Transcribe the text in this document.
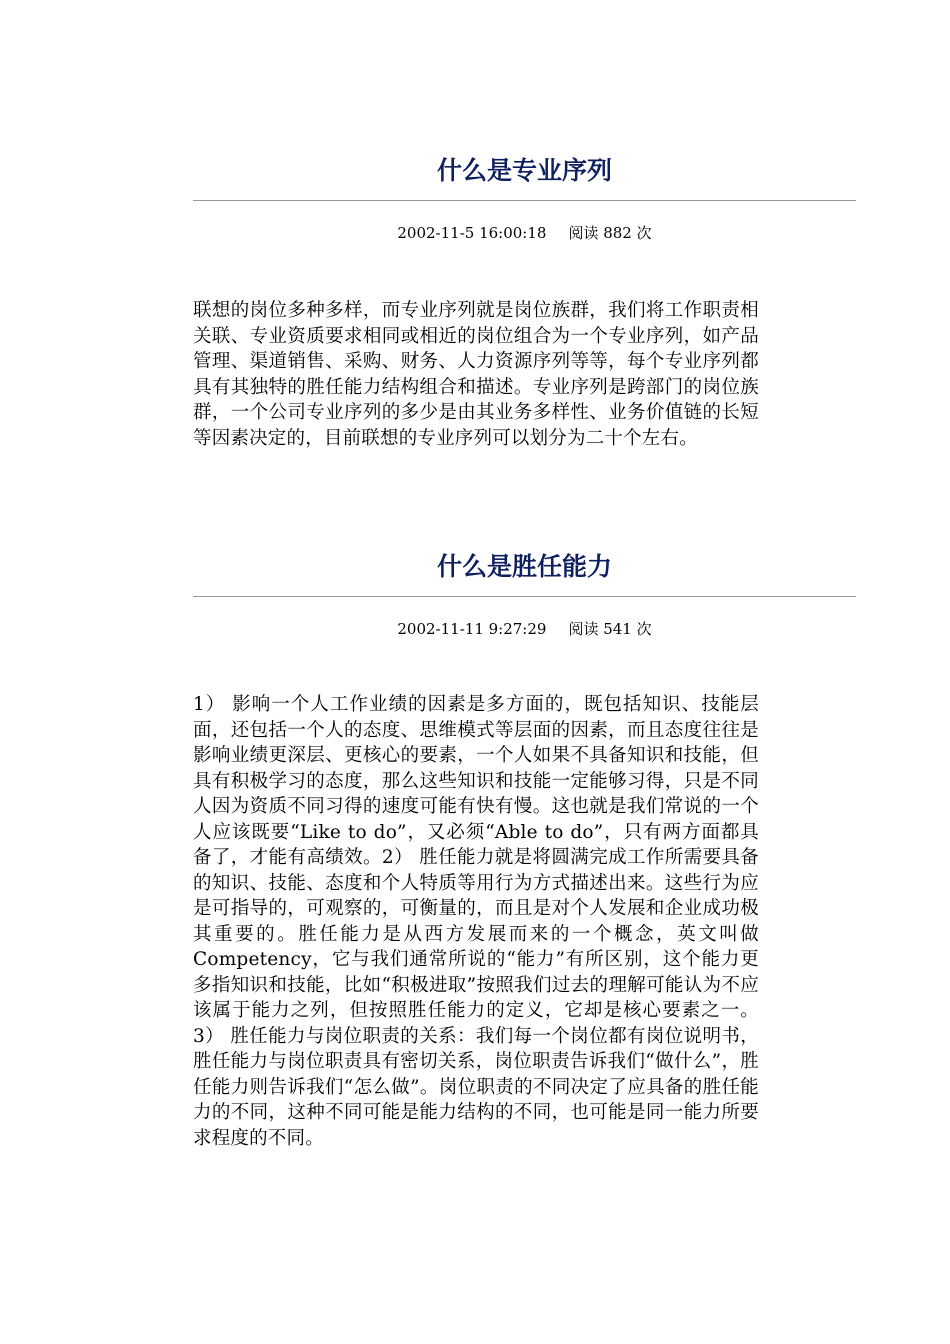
什么是专业序列
2002-11-5 16:00:18 阅读 882 次

联想的岗位多种多样，而专业序列就是岗位族群，我们将工作职责相关联、专业资质要求相同或相近的岗位组合为一个专业序列，如产品管理、渠道销售、采购、财务、人力资源序列等等，每个专业序列都具有其独特的胜任能力结构组合和描述。专业序列是跨部门的岗位族群，一个公司专业序列的多少是由其业务多样性、业务价值链的长短等因素决定的，目前联想的专业序列可以划分为二十个左右。

什么是胜任能力
2002-11-11 9:27:29 阅读 541 次

1） 影响一个人工作业绩的因素是多方面的，既包括知识、技能层面，还包括一个人的态度、思维模式等层面的因素，而且态度往往是影响业绩更深层、更核心的要素，一个人如果不具备知识和技能，但具有积极学习的态度，那么这些知识和技能一定能够习得，只是不同人因为资质不同习得的速度可能有快有慢。这也就是我们常说的一个人应该既要“Like to do”，又必须“Able to do”，只有两方面都具备了，才能有高绩效。2） 胜任能力就是将圆满完成工作所需要具备的知识、技能、态度和个人特质等用行为方式描述出来。这些行为应是可指导的，可观察的，可衡量的，而且是对个人发展和企业成功极其重要的。胜任能力是从西方发展而来的一个概念，英文叫做Competency，它与我们通常所说的“能力”有所区别，这个能力更多指知识和技能，比如“积极进取”按照我们过去的理解可能认为不应该属于能力之列，但按照胜任能力的定义，它却是核心要素之一。 3） 胜任能力与岗位职责的关系：我们每一个岗位都有岗位说明书，胜任能力与岗位职责具有密切关系，岗位职责告诉我们“做什么”，胜任能力则告诉我们“怎么做”。岗位职责的不同决定了应具备的胜任能力的不同，这种不同可能是能力结构的不同，也可能是同一能力所要求程度的不同。
